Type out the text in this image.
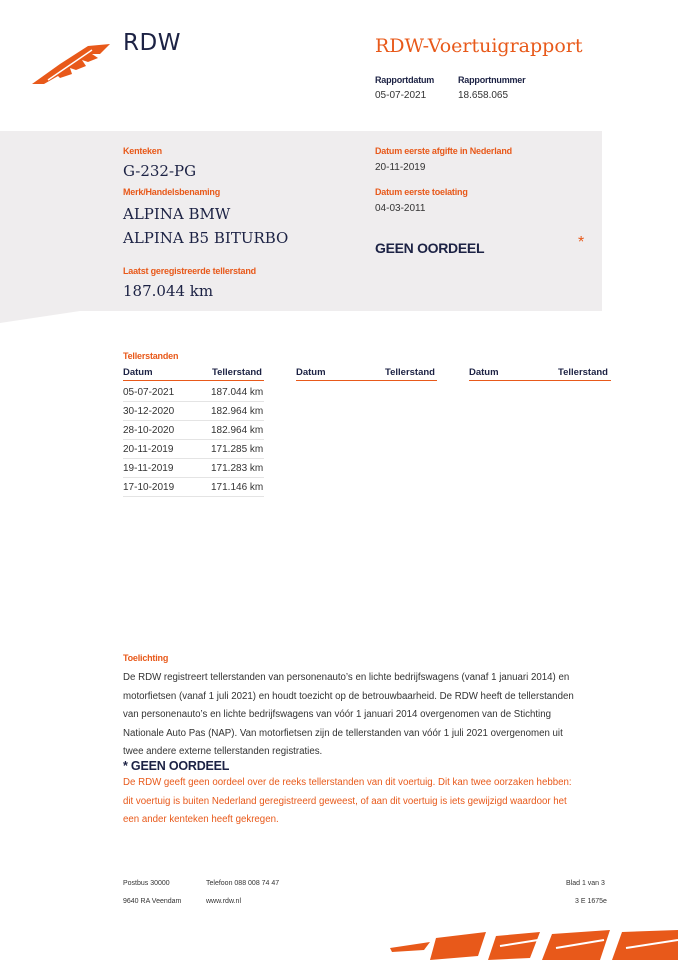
RDW	RDW-Voertuigrapport
Rapportdatum
05-07-2021
Rapportnummer
18.658.065
Kenteken
G-232-PG
Merk/Handelsbenaming
ALPINA BMW
ALPINA B5 BITURBO
Laatst geregistreerde tellerstand
187.044 km
Datum eerste afgifte in Nederland
20-11-2019
Datum eerste toelating
04-03-2011
GEEN OORDEEL	*
Tellerstanden
Datum	Tellerstand	Datum	Tellerstand	Datum	Tellerstand
05-07-2021	187.044 km
30-12-2020	182.964 km
28-10-2020	182.964 km
20-11-2019	171.285 km
19-11-2019	171.283 km
17-10-2019	171.146 km
Toelichting
De RDW registreert tellerstanden van personenauto’s en lichte bedrijfswagens (vanaf 1 januari 2014) en
motorfietsen (vanaf 1 juli 2021) en houdt toezicht op de betrouwbaarheid. De RDW heeft de tellerstanden
van personenauto’s en lichte bedrijfswagens van vóór 1 januari 2014 overgenomen van de Stichting
Nationale Auto Pas (NAP). Van motorfietsen zijn de tellerstanden van vóór 1 juli 2021 overgenomen uit
twee andere externe tellerstanden registraties.
* GEEN OORDEEL
De RDW geeft geen oordeel over de reeks tellerstanden van dit voertuig. Dit kan twee oorzaken hebben:
dit voertuig is buiten Nederland geregistreerd geweest, of aan dit voertuig is iets gewijzigd waardoor het
een ander kenteken heeft gekregen.
Postbus 30000
9640 RA Veendam
Telefoon 088 008 74 47
www.rdw.nl
Blad 1 van 3
3 E 1675e
